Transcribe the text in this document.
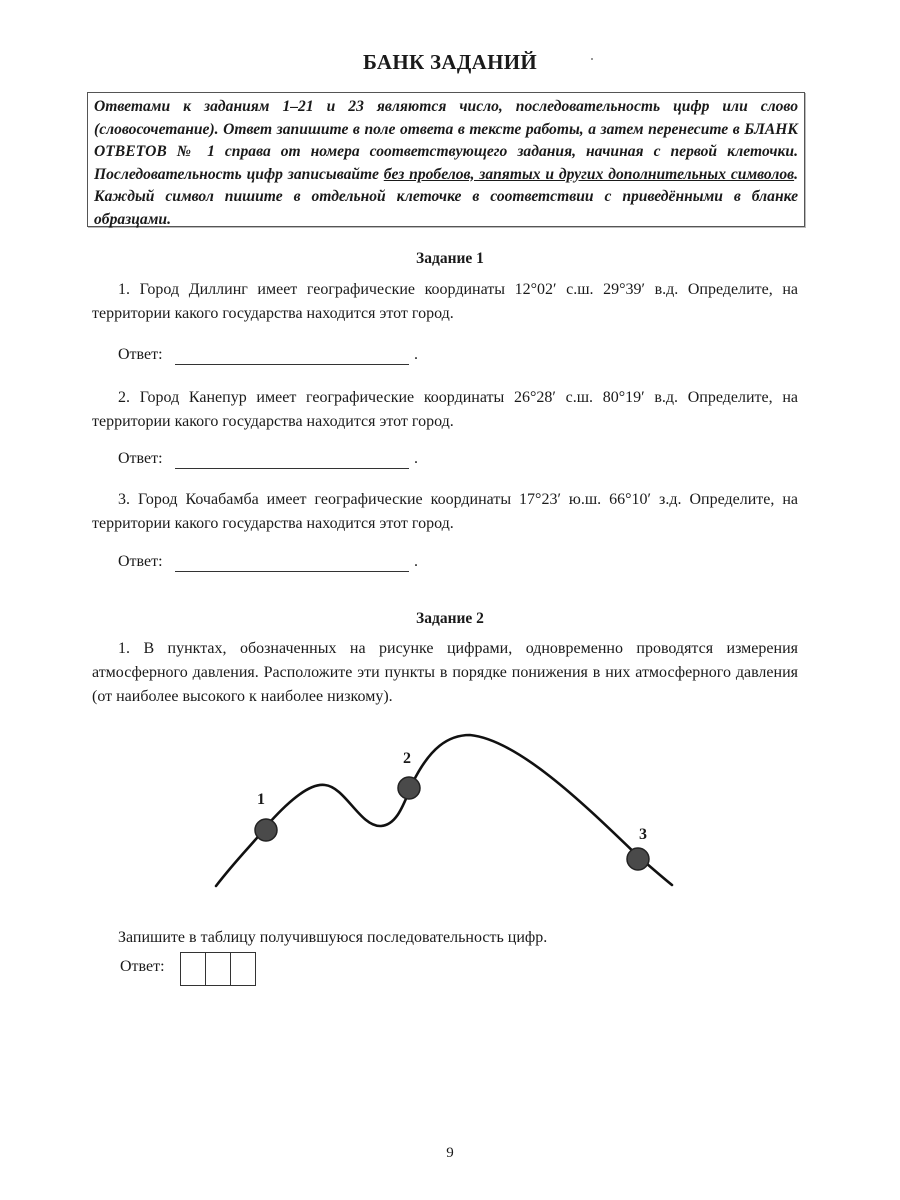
БАНК ЗАДАНИЙ
Ответами к заданиям 1–21 и 23 являются число, последовательность цифр или слово (словосочетание). Ответ запишите в поле ответа в тексте работы, а затем перенесите в БЛАНК ОТВЕТОВ № 1 справа от номера соответствующего задания, начиная с первой клеточки. Последовательность цифр записывайте без пробелов, запятых и других дополнительных символов. Каждый символ пишите в отдельной клеточке в соответствии с приведёнными в бланке образцами.
Задание 1
1. Город Диллинг имеет географические координаты 12°02′ с.ш. 29°39′ в.д. Определите, на территории какого государства находится этот город.
Ответ:	.
2. Город Канепур имеет географические координаты 26°28′ с.ш. 80°19′ в.д. Определите, на территории какого государства находится этот город.
Ответ:	.
3. Город Кочабамба имеет географические координаты 17°23′ ю.ш. 66°10′ з.д. Определите, на территории какого государства находится этот город.
Ответ:	.
Задание 2
1. В пунктах, обозначенных на рисунке цифрами, одновременно проводятся измерения атмосферного давления. Расположите эти пункты в порядке понижения в них атмосферного давления (от наиболее высокого к наиболее низкому).
1
2
3
Запишите в таблицу получившуюся последовательность цифр.
Ответ:
9
